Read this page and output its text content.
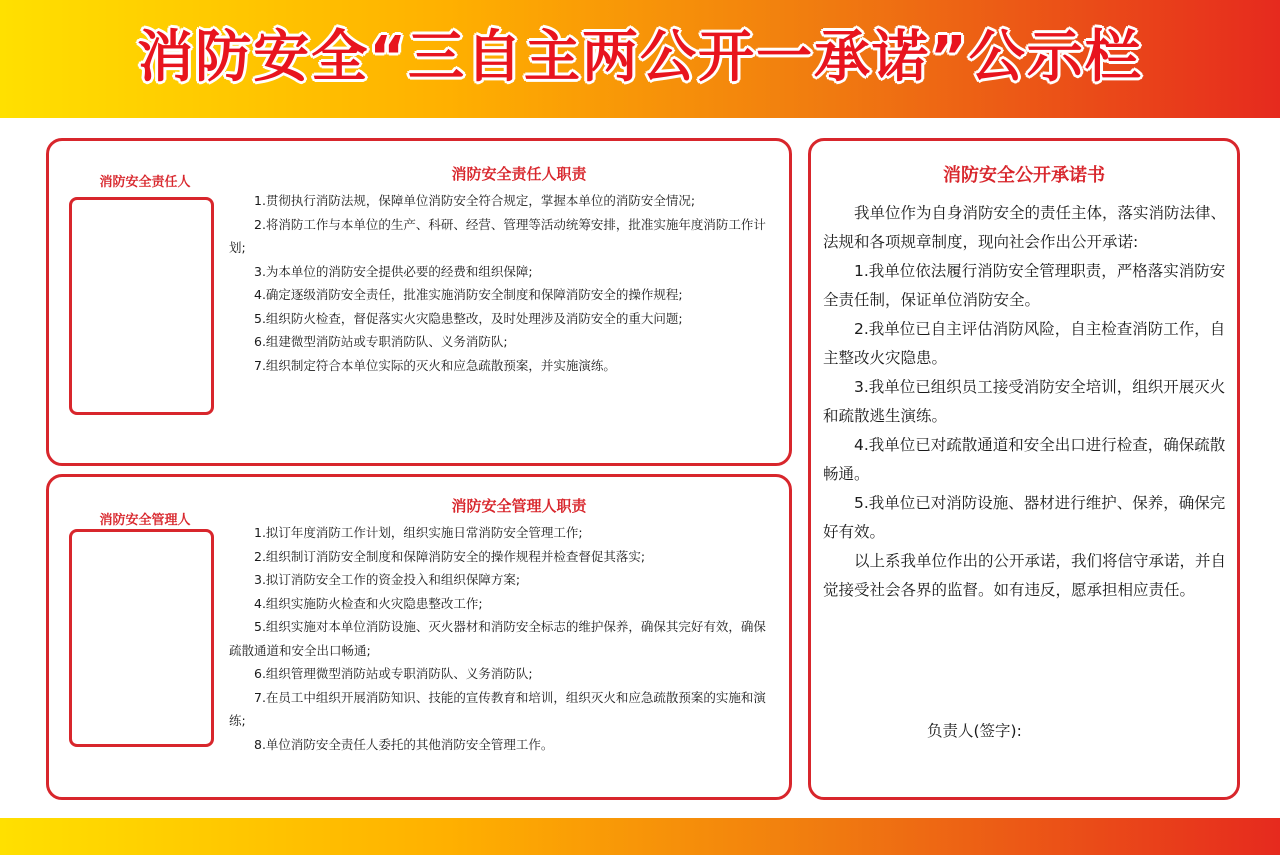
消防安全“三自主两公开一承诺”公示栏
消防安全责任人	消防安全责任人职责

1.贯彻执行消防法规，保障单位消防安全符合规定，掌握本单位的消防安全情况;

2.将消防工作与本单位的生产、科研、经营、管理等活动统筹安排，批准实施年度消防工作计划;

3.为本单位的消防安全提供必要的经费和组织保障;

4.确定逐级消防安全责任，批准实施消防安全制度和保障消防安全的操作规程;

5.组织防火检查，督促落实火灾隐患整改，及时处理涉及消防安全的重大问题;

6.组建微型消防站或专职消防队、义务消防队;

7.组织制定符合本单位实际的灭火和应急疏散预案，并实施演练。

消防安全管理人
消防安全管理人职责

1.拟订年度消防工作计划，组织实施日常消防安全管理工作;

2.组织制订消防安全制度和保障消防安全的操作规程并检查督促其落实;

3.拟订消防安全工作的资金投入和组织保障方案;

4.组织实施防火检查和火灾隐患整改工作;

5.组织实施对本单位消防设施、灭火器材和消防安全标志的维护保养，确保其完好有效，确保疏散通道和安全出口畅通;

6.组织管理微型消防站或专职消防队、义务消防队;

7.在员工中组织开展消防知识、技能的宣传教育和培训，组织灭火和应急疏散预案的实施和演练;

8.单位消防安全责任人委托的其他消防安全管理工作。

消防安全公开承诺书

我单位作为自身消防安全的责任主体，落实消防法律、法规和各项规章制度，现向社会作出公开承诺:

1.我单位依法履行消防安全管理职责，严格落实消防安全责任制，保证单位消防安全。

2.我单位已自主评估消防风险，自主检查消防工作，自主整改火灾隐患。

3.我单位已组织员工接受消防安全培训，组织开展灭火和疏散逃生演练。

4.我单位已对疏散通道和安全出口进行检查，确保疏散畅通。

5.我单位已对消防设施、器材进行维护、保养，确保完好有效。

以上系我单位作出的公开承诺，我们将信守承诺，并自觉接受社会各界的监督。如有违反，愿承担相应责任。

负责人(签字):
